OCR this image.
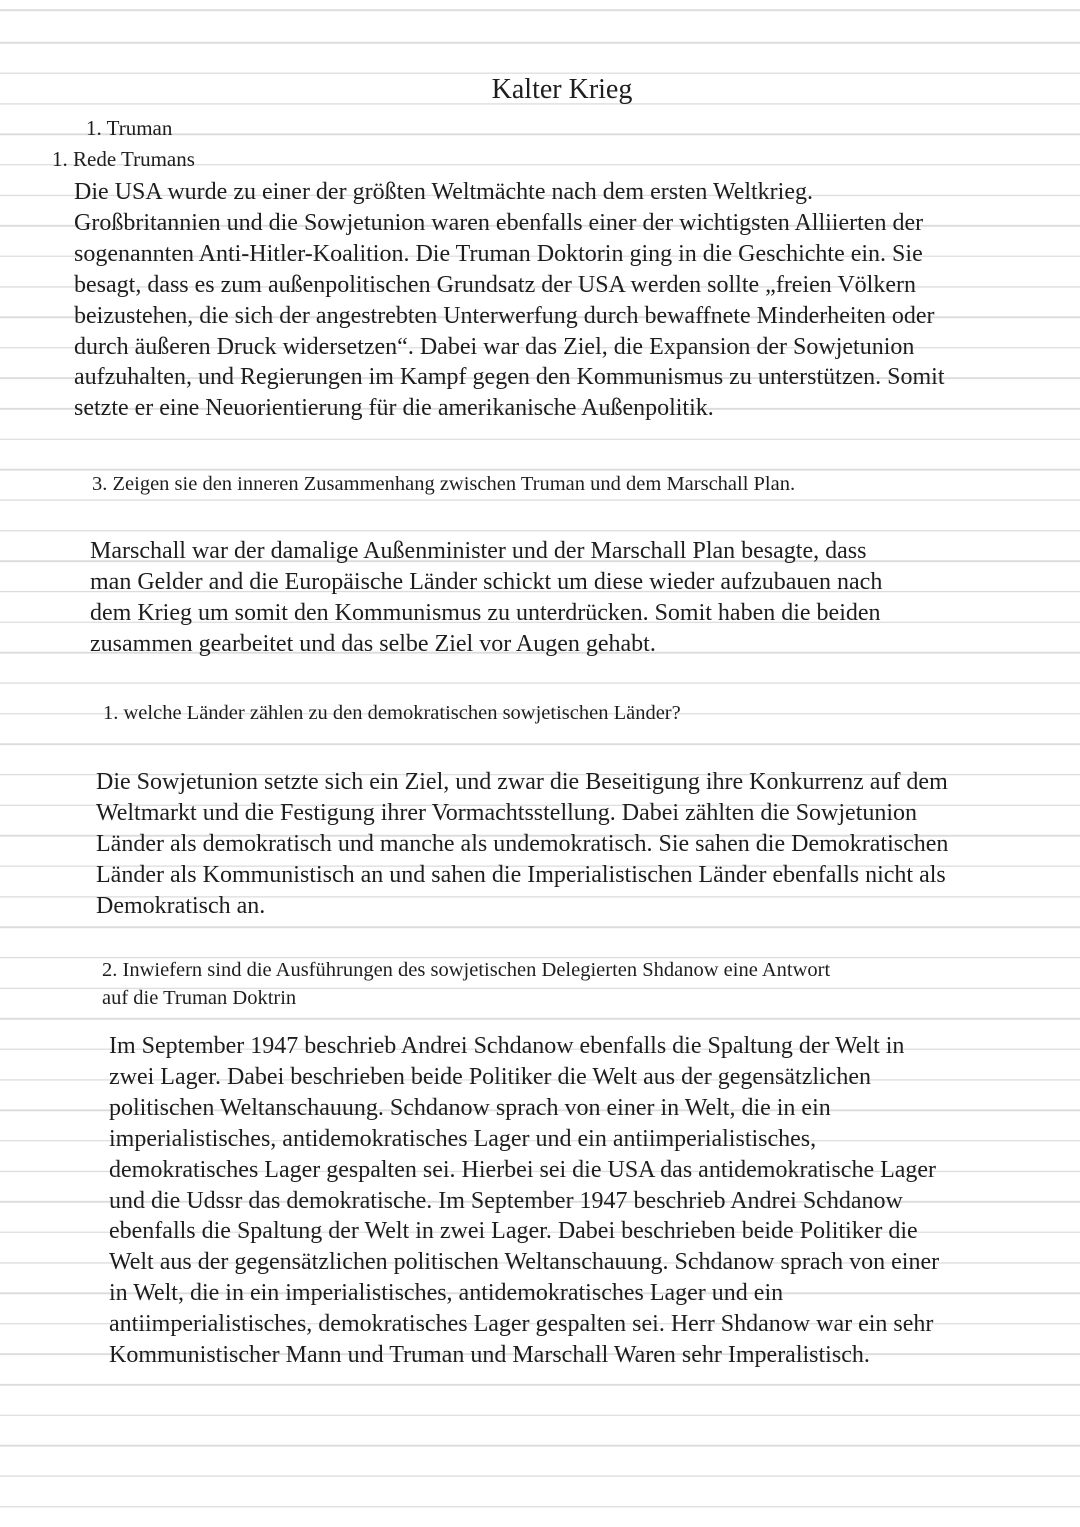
Kalter Krieg

1. Truman

1. Rede Trumans

Die USA wurde zu einer der größten Weltmächte nach dem ersten Weltkrieg.
Großbritannien und die Sowjetunion waren ebenfalls einer der wichtigsten Alliierten der
sogenannten Anti-Hitler-Koalition. Die Truman Doktorin ging in die Geschichte ein. Sie
besagt, dass es zum außenpolitischen Grundsatz der USA werden sollte „freien Völkern
beizustehen, die sich der angestrebten Unterwerfung durch bewaffnete Minderheiten oder
durch äußeren Druck widersetzen“. Dabei war das Ziel, die Expansion der Sowjetunion
aufzuhalten, und Regierungen im Kampf gegen den Kommunismus zu unterstützen. Somit
setzte er eine Neuorientierung für die amerikanische Außenpolitik.

3. Zeigen sie den inneren Zusammenhang zwischen Truman und dem Marschall Plan.

Marschall war der damalige Außenminister und der Marschall Plan besagte, dass
man Gelder and die Europäische Länder schickt um diese wieder aufzubauen nach
dem Krieg um somit den Kommunismus zu unterdrücken. Somit haben die beiden
zusammen gearbeitet und das selbe Ziel vor Augen gehabt.

1. welche Länder zählen zu den demokratischen sowjetischen Länder?

Die Sowjetunion setzte sich ein Ziel, und zwar die Beseitigung ihre Konkurrenz auf dem
Weltmarkt und die Festigung ihrer Vormachtsstellung. Dabei zählten die Sowjetunion
Länder als demokratisch und manche als undemokratisch. Sie sahen die Demokratischen
Länder als Kommunistisch an und sahen die Imperialistischen Länder ebenfalls nicht als
Demokratisch an.
2. Inwiefern sind die Ausführungen des sowjetischen Delegierten Shdanow eine Antwort
auf die Truman Doktrin
Im September 1947 beschrieb Andrei Schdanow ebenfalls die Spaltung der Welt in
zwei Lager. Dabei beschrieben beide Politiker die Welt aus der gegensätzlichen
politischen Weltanschauung. Schdanow sprach von einer in Welt, die in ein
imperialistisches, antidemokratisches Lager und ein antiimperialistisches,
demokratisches Lager gespalten sei. Hierbei sei die USA das antidemokratische Lager
und die Udssr das demokratische. Im September 1947 beschrieb Andrei Schdanow
ebenfalls die Spaltung der Welt in zwei Lager. Dabei beschrieben beide Politiker die
Welt aus der gegensätzlichen politischen Weltanschauung. Schdanow sprach von einer
in Welt, die in ein imperialistisches, antidemokratisches Lager und ein
antiimperialistisches, demokratisches Lager gespalten sei. Herr Shdanow war ein sehr
Kommunistischer Mann und Truman und Marschall Waren sehr Imperalistisch.
